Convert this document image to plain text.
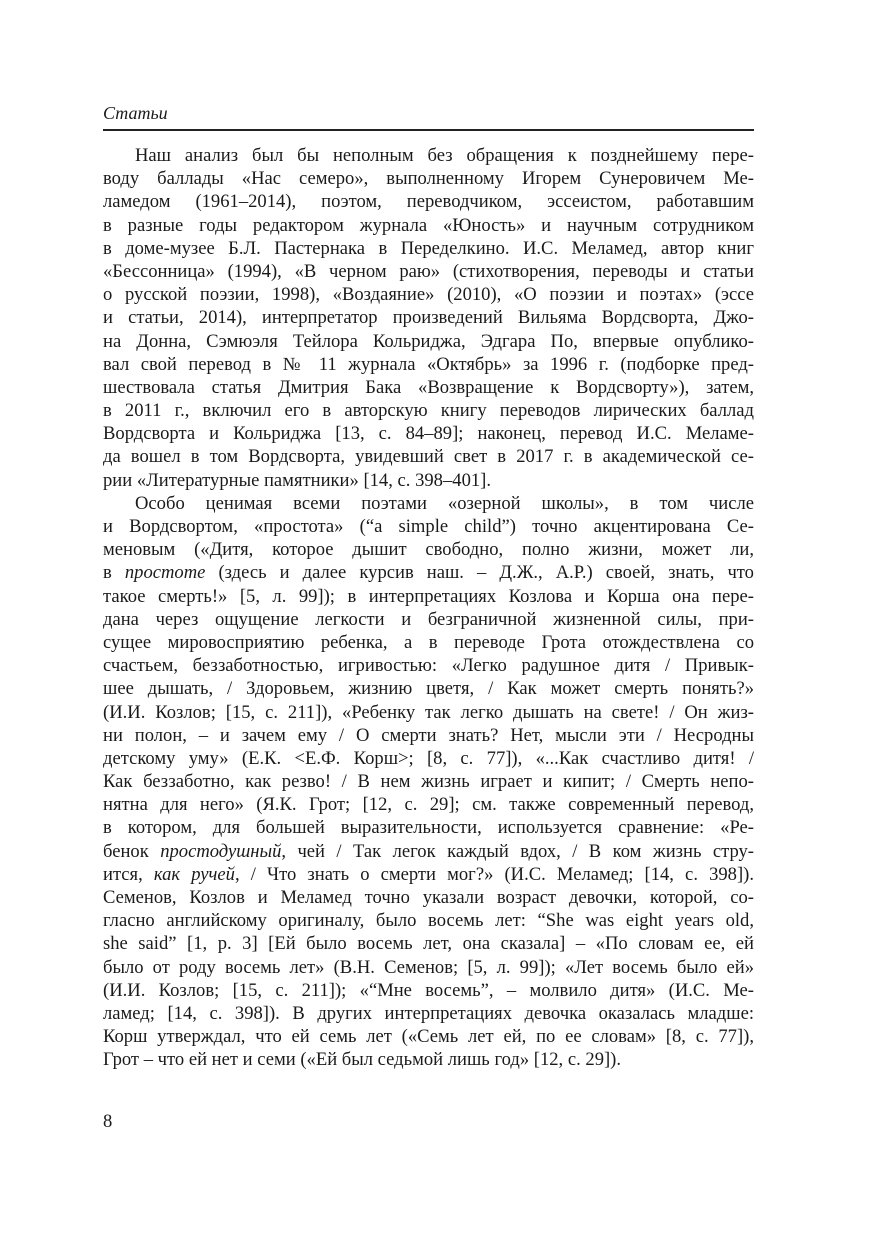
Статьи
Наш анализ был бы неполным без обращения к позднейшему пере-
воду баллады «Нас семеро», выполненному Игорем Сунеровичем Ме-
ламедом (1961–2014), поэтом, переводчиком, эссеистом, работавшим
в разные годы редактором журнала «Юность» и научным сотрудником
в доме-музее Б.Л. Пастернака в Переделкино. И.С. Меламед, автор книг
«Бессонница» (1994), «В черном раю» (стихотворения, переводы и статьи
о русской поэзии, 1998), «Воздаяние» (2010), «О поэзии и поэтах» (эссе
и статьи, 2014), интерпретатор произведений Вильяма Вордсворта, Джо-
на Донна, Сэмюэля Тейлора Кольриджа, Эдгара По, впервые опублико-
вал свой перевод в № 11 журнала «Октябрь» за 1996 г. (подборке пред-
шествовала статья Дмитрия Бака «Возвращение к Вордсворту»), затем,
в 2011 г., включил его в авторскую книгу переводов лирических баллад
Вордсворта и Кольриджа [13, с. 84–89]; наконец, перевод И.С. Меламе-
да вошел в том Вордсворта, увидевший свет в 2017 г. в академической се-
рии «Литературные памятники» [14, с. 398–401].
Особо ценимая всеми поэтами «озерной школы», в том числе
и Вордсвортом, «простота» (“a simple child”) точно акцентирована Се-
меновым («Дитя, которое дышит свободно, полно жизни, может ли,
в простоте (здесь и далее курсив наш. – Д.Ж., А.Р.) своей, знать, что
такое смерть!» [5, л. 99]); в интерпретациях Козлова и Корша она пере-
дана через ощущение легкости и безграничной жизненной силы, при-
сущее мировосприятию ребенка, а в переводе Грота отождествлена со
счастьем, беззаботностью, игривостью: «Легко радушное дитя / Привык-
шее дышать, / Здоровьем, жизнию цветя, / Как может смерть понять?»
(И.И. Козлов; [15, с. 211]), «Ребенку так легко дышать на свете! / Он жиз-
ни полон, – и зачем ему / О смерти знать? Нет, мысли эти / Несродны
детскому уму» (Е.К. <Е.Ф. Корш>; [8, с. 77]), «...Как счастливо дитя! /
Как беззаботно, как резво! / В нем жизнь играет и кипит; / Смерть непо-
нятна для него» (Я.К. Грот; [12, с. 29]; см. также современный перевод,
в котором, для большей выразительности, используется сравнение: «Ре-
бенок простодушный, чей / Так легок каждый вдох, / В ком жизнь стру-
ится, как ручей, / Что знать о смерти мог?» (И.С. Меламед; [14, с. 398]).
Семенов, Козлов и Меламед точно указали возраст девочки, которой, со-
гласно английскому оригиналу, было восемь лет: “She was eight years old,
she said” [1, p. 3] [Ей было восемь лет, она сказала] – «По словам ее, ей
было от роду восемь лет» (В.Н. Семенов; [5, л. 99]); «Лет восемь было ей»
(И.И. Козлов; [15, с. 211]); «“Мне восемь”, – молвило дитя» (И.С. Ме-
ламед; [14, с. 398]). В других интерпретациях девочка оказалась младше:
Корш утверждал, что ей семь лет («Семь лет ей, по ее словам» [8, с. 77]),
Грот – что ей нет и семи («Ей был седьмой лишь год» [12, с. 29]).
8
